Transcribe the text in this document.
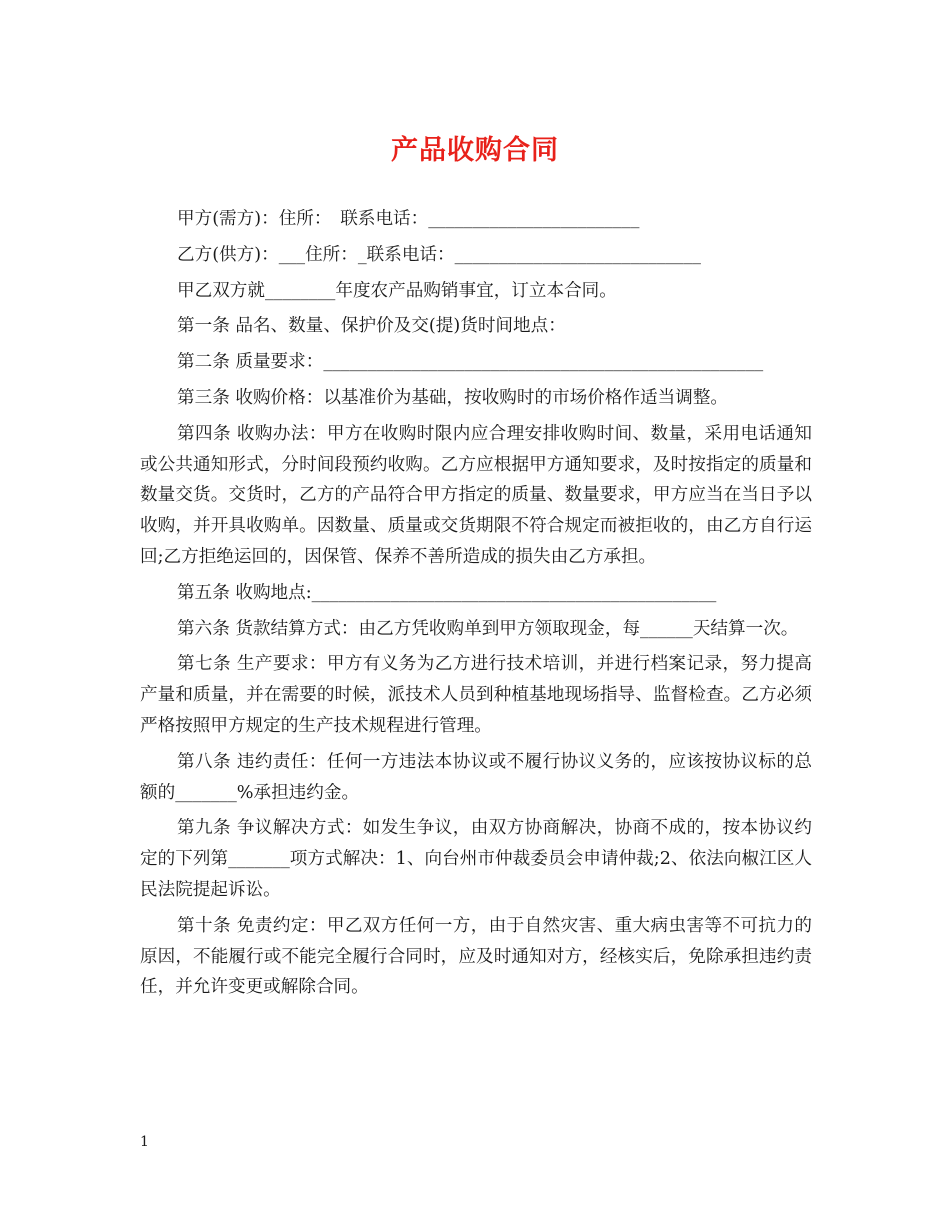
产品收购合同

甲方(需方)：住所：　联系电话：________________________

乙方(供方)：___住所：_联系电话：____________________________

甲乙双方就________年度农产品购销事宜，订立本合同。

第一条 品名、数量、保护价及交(提)货时间地点：

第二条 质量要求：__________________________________________________

第三条 收购价格：以基准价为基础，按收购时的市场价格作适当调整。

第四条 收购办法：甲方在收购时限内应合理安排收购时间、数量，采用电话通知或公共通知形式，分时间段预约收购。乙方应根据甲方通知要求，及时按指定的质量和数量交货。交货时，乙方的产品符合甲方指定的质量、数量要求，甲方应当在当日予以收购，并开具收购单。因数量、质量或交货期限不符合规定而被拒收的，由乙方自行运回;乙方拒绝运回的，因保管、保养不善所造成的损失由乙方承担。

第五条 收购地点:______________________________________________

第六条 货款结算方式：由乙方凭收购单到甲方领取现金，每______天结算一次。

第七条 生产要求：甲方有义务为乙方进行技术培训，并进行档案记录，努力提高产量和质量，并在需要的时候，派技术人员到种植基地现场指导、监督检查。乙方必须严格按照甲方规定的生产技术规程进行管理。

第八条 违约责任：任何一方违法本协议或不履行协议义务的，应该按协议标的总额的_______%承担违约金。

第九条 争议解决方式：如发生争议，由双方协商解决，协商不成的，按本协议约定的下列第_______项方式解决：1、向台州市仲裁委员会申请仲裁;2、依法向椒江区人民法院提起诉讼。

第十条 免责约定：甲乙双方任何一方，由于自然灾害、重大病虫害等不可抗力的原因，不能履行或不能完全履行合同时，应及时通知对方，经核实后，免除承担违约责任，并允许变更或解除合同。

1
